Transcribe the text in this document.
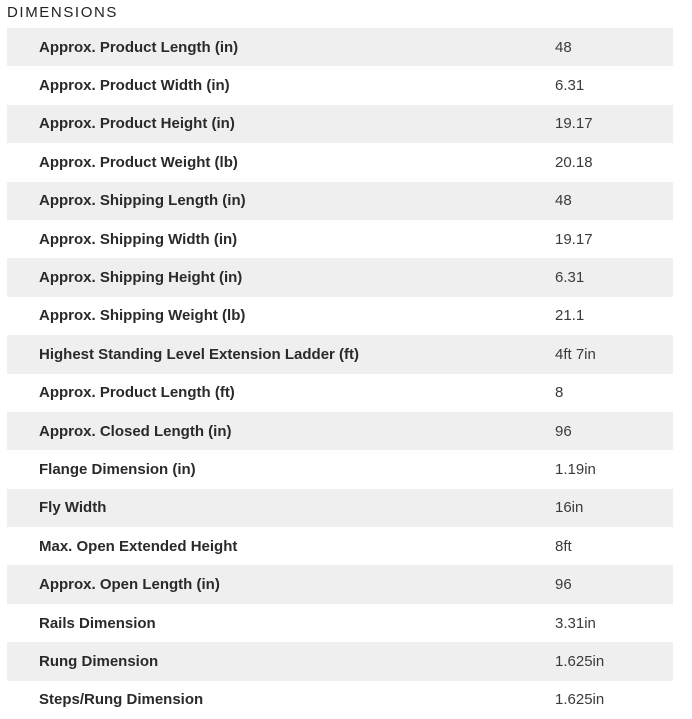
DIMENSIONS
Approx. Product Length (in)	48
Approx. Product Width (in)	6.31
Approx. Product Height (in)	19.17
Approx. Product Weight (lb)	20.18
Approx. Shipping Length (in)	48
Approx. Shipping Width (in)	19.17
Approx. Shipping Height (in)	6.31
Approx. Shipping Weight (lb)	21.1
Highest Standing Level Extension Ladder (ft)	4ft 7in
Approx. Product Length (ft)	8
Approx. Closed Length (in)	96
Flange Dimension (in)	1.19in
Fly Width	16in
Max. Open Extended Height	8ft
Approx. Open Length (in)	96
Rails Dimension	3.31in
Rung Dimension	1.625in
Steps/Rung Dimension	1.625in
